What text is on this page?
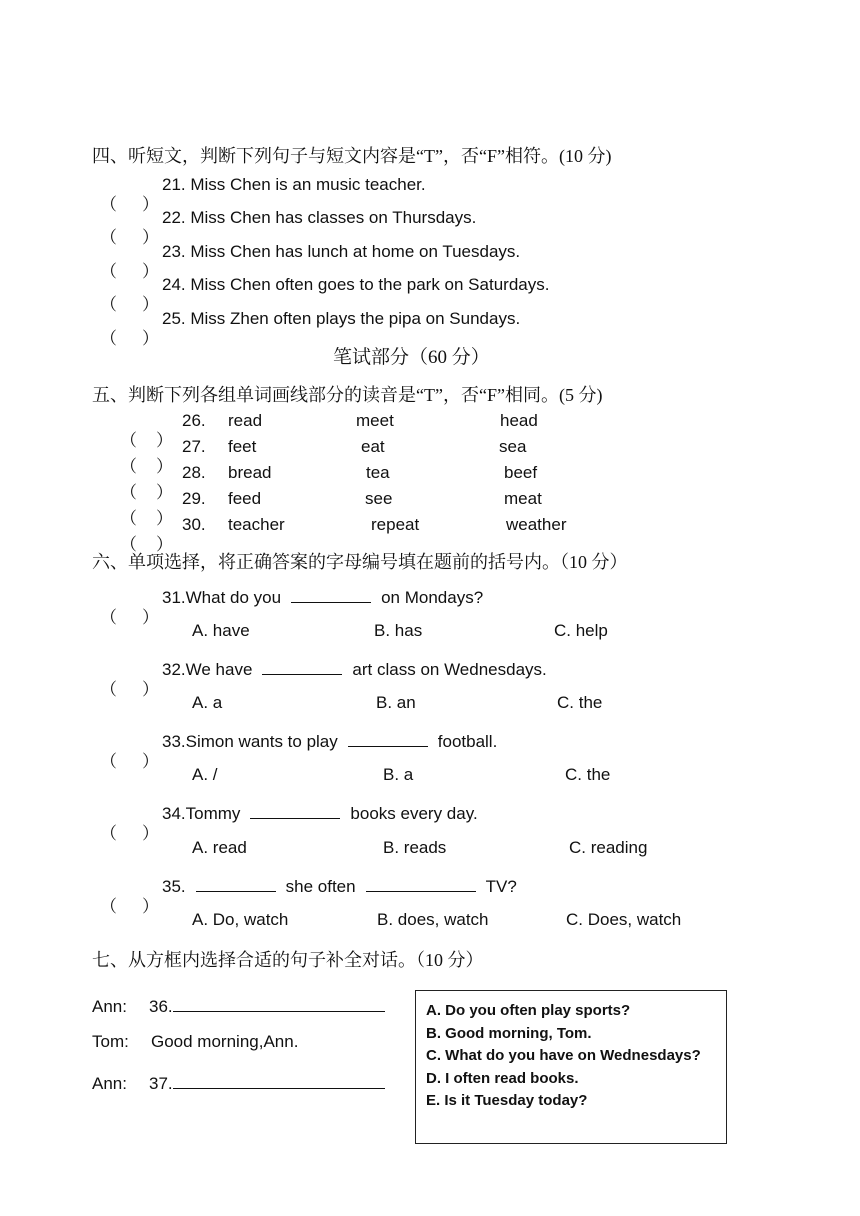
四、听短文，判断下列句子与短文内容是“T”，否“F”相符。(10 分)
（ ）
21. Miss Chen is an music teacher.
（ ）
22. Miss Chen has classes on Thursdays.
（ ）
23. Miss Chen has lunch at home on Tuesdays.
（ ）
24. Miss Chen often goes to the park on Saturdays.
（ ）
25. Miss Zhen often plays the pipa on Sundays.
笔试部分（60 分）
五、判断下列各组单词画线部分的读音是“T”，否“F”相同。(5 分)
（ ）
26. read	meet	head
（ ）
27. feet	eat	sea
（ ）
28. bread	tea	beef
（ ）
29. feed	see	meat
（ ）
30. teacher	repeat	weather
六、单项选择，将正确答案的字母编号填在题前的括号内。（10 分）
（ ）
31.What do you	on Mondays?
A. have	B. has	C. help
（ ）
32.We have	art class on Wednesdays.
A. a	B. an	C. the
（ ）
33.Simon wants to play	football.
A. /	B. a	C. the
（ ）
34.Tommy	books every day.
A. read	B. reads	C. reading
（ ）
35.	she often	TV?
A. Do, watch	B. does, watch	C. Does, watch
七、从方框内选择合适的句子补全对话。（10 分）
Ann: 36.
Tom: Good morning,Ann.
Ann: 37.
A. Do you often play sports?
B. Good morning, Tom.
C. What do you have on Wednesdays?
D. I often read books.
E. Is it Tuesday today?
